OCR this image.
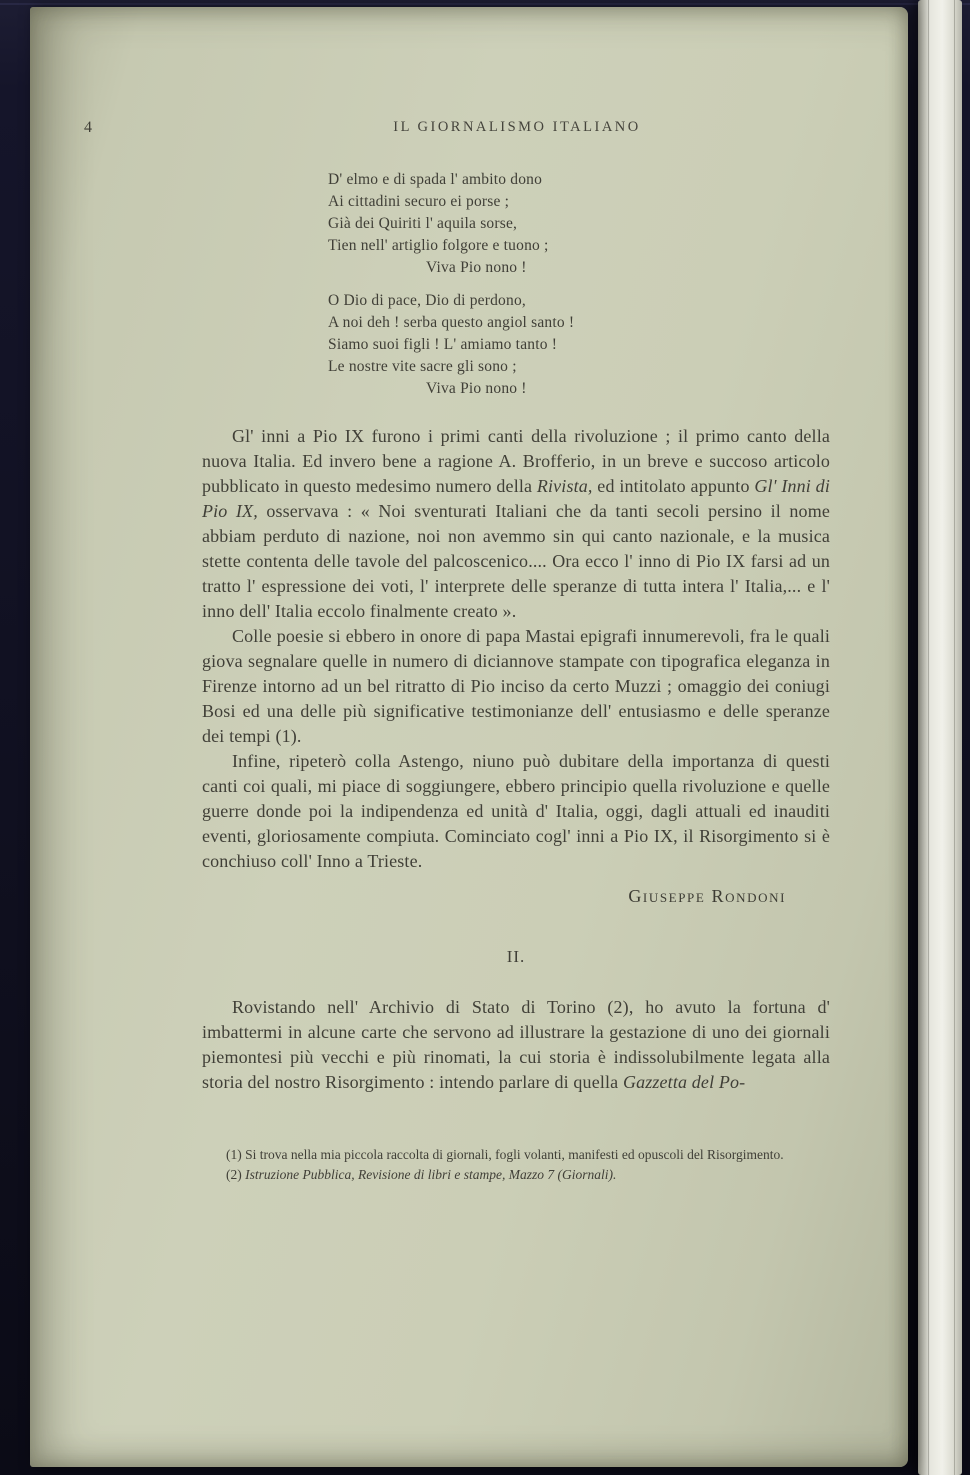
4	IL GIORNALISMO ITALIANO
D' elmo e di spada l' ambito dono
Ai cittadini securo ei porse ;
Già dei Quiriti l' aquila sorse,
Tien nell' artiglio folgore e tuono ;
Viva Pio nono !
O Dio di pace, Dio di perdono,
A noi deh ! serba questo angiol santo !
Siamo suoi figli ! L' amiamo tanto !
Le nostre vite sacre gli sono ;
Viva Pio nono !
Gl' inni a Pio IX furono i primi canti della rivoluzione ; il primo canto della nuova Italia. Ed invero bene a ragione A. Brofferio, in un breve e succoso articolo pubblicato in questo medesimo numero della Rivista, ed intitolato appunto Gl' Inni di Pio IX, osservava : « Noi sventurati Italiani che da tanti secoli persino il nome abbiam perduto di nazione, noi non avemmo sin qui canto nazionale, e la musica stette contenta delle tavole del palcoscenico.... Ora ecco l' inno di Pio IX farsi ad un tratto l' espressione dei voti, l' interprete delle speranze di tutta intera l' Italia,... e l' inno dell' Italia eccolo finalmente creato ».
Colle poesie si ebbero in onore di papa Mastai epigrafi innumerevoli, fra le quali giova segnalare quelle in numero di diciannove stampate con tipografica eleganza in Firenze intorno ad un bel ritratto di Pio inciso da certo Muzzi ; omaggio dei coniugi Bosi ed una delle più significative testimonianze dell' entusiasmo e delle speranze dei tempi (1).
Infine, ripeterò colla Astengo, niuno può dubitare della importanza di questi canti coi quali, mi piace di soggiungere, ebbero principio quella rivoluzione e quelle guerre donde poi la indipendenza ed unità d' Italia, oggi, dagli attuali ed inauditi eventi, gloriosamente compiuta. Cominciato cogl' inni a Pio IX, il Risorgimento si è conchiuso coll' Inno a Trieste.
Giuseppe Rondoni
II.
Rovistando nell' Archivio di Stato di Torino (2), ho avuto la fortuna d' imbattermi in alcune carte che servono ad illustrare la gestazione di uno dei giornali piemontesi più vecchi e più rinomati, la cui storia è indissolubilmente legata alla storia del nostro Risorgimento : intendo parlare di quella Gazzetta del Po-
(1) Si trova nella mia piccola raccolta di giornali, fogli volanti, manifesti ed opuscoli del Risorgimento.
(2) Istruzione Pubblica, Revisione di libri e stampe, Mazzo 7 (Giornali).
